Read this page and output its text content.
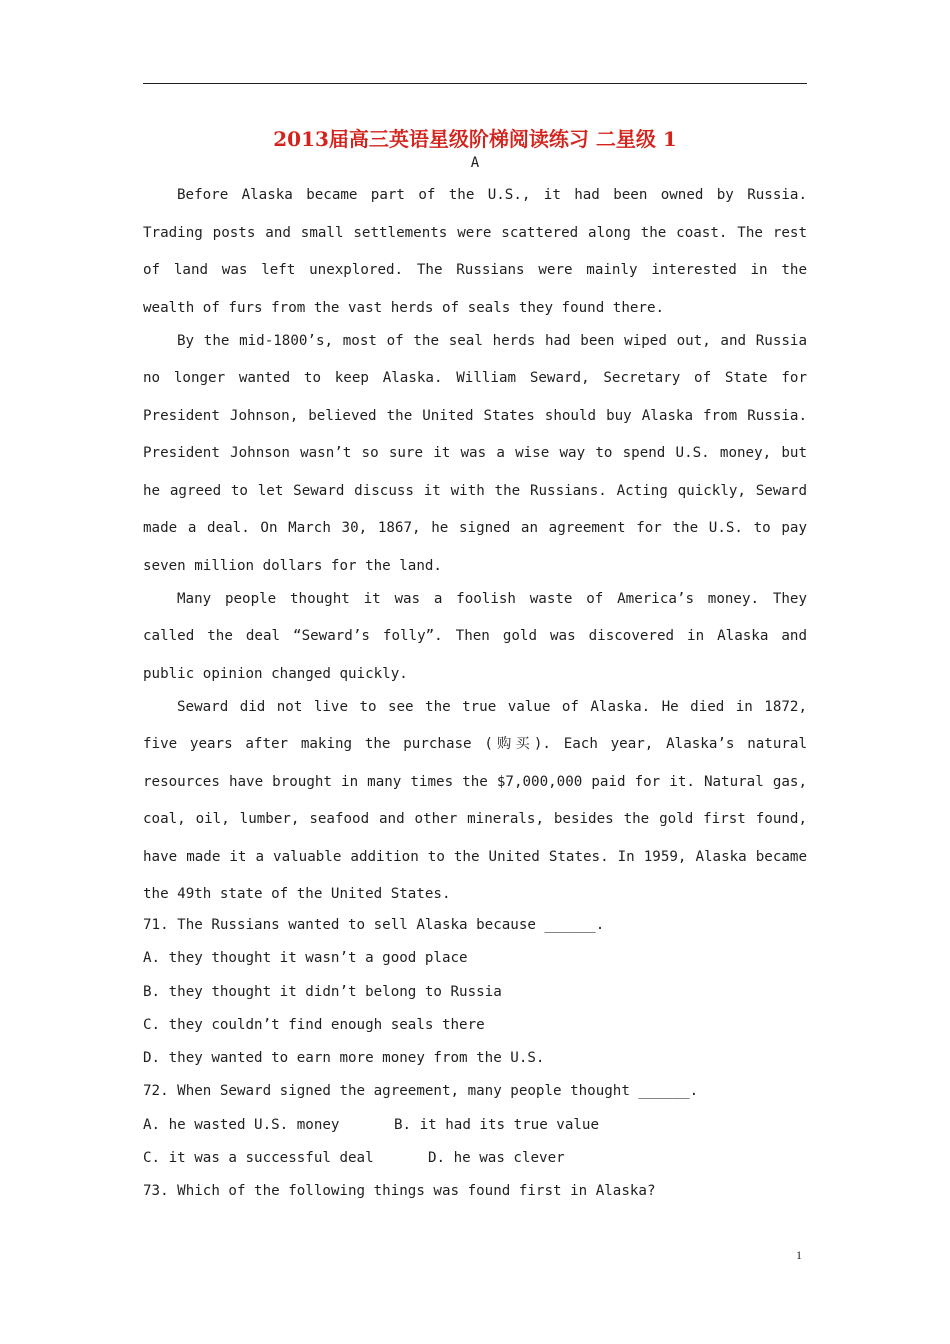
2013届高三英语星级阶梯阅读练习 二星级 1
A

Before Alaska became part of the U.S., it had been owned by Russia. Trading posts and small settlements were scattered along the coast. The rest of land was left unexplored. The Russians were mainly interested in the wealth of furs from the vast herds of seals they found there.

By the mid-1800’s, most of the seal herds had been wiped out, and Russia no longer wanted to keep Alaska. William Seward, Secretary of State for President Johnson, believed the United States should buy Alaska from Russia. President Johnson wasn’t so sure it was a wise way to spend U.S. money, but he agreed to let Seward discuss it with the Russians. Acting quickly, Seward made a deal. On March 30, 1867, he signed an agreement for the U.S. to pay seven million dollars for the land.

Many people thought it was a foolish waste of America’s money. They called the deal “Seward’s folly”. Then gold was discovered in Alaska and public opinion changed quickly.

Seward did not live to see the true value of Alaska. He died in 1872, five years after making the purchase (购买). Each year, Alaska’s natural resources have brought in many times the $7,000,000 paid for it. Natural gas, coal, oil, lumber, seafood and other minerals, besides the gold first found, have made it a valuable addition to the United States. In 1959, Alaska became the 49th state of the United States.

71. The Russians wanted to sell Alaska because ______.
A. they thought it wasn’t a good place
B. they thought it didn’t belong to Russia
C. they couldn’t find enough seals there
D. they wanted to earn more money from the U.S.
72. When Seward signed the agreement, many people thought ______.
A. he wasted U.S. money	B. it had its true value
C. it was a successful deal	D. he was clever
73. Which of the following things was found first in Alaska?
1
